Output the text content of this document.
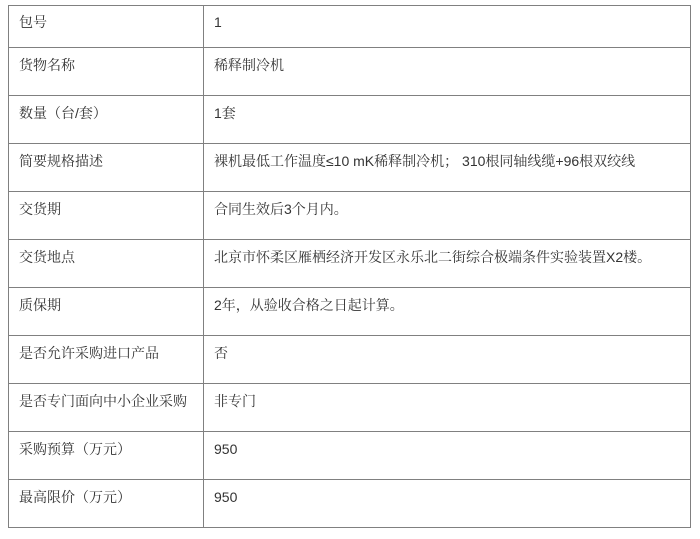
包号	1
货物名称	稀释制冷机
数量（台/套）	1套
简要规格描述	裸机最低工作温度≤10 mK稀释制冷机； 310根同轴线缆+96根双绞线
交货期	合同生效后3个月内。
交货地点	北京市怀柔区雁栖经济开发区永乐北二街综合极端条件实验装置X2楼。
质保期	2年，从验收合格之日起计算。
是否允许采购进口产品	否
是否专门面向中小企业采购	非专门
采购预算（万元）	950
最高限价（万元）	950
